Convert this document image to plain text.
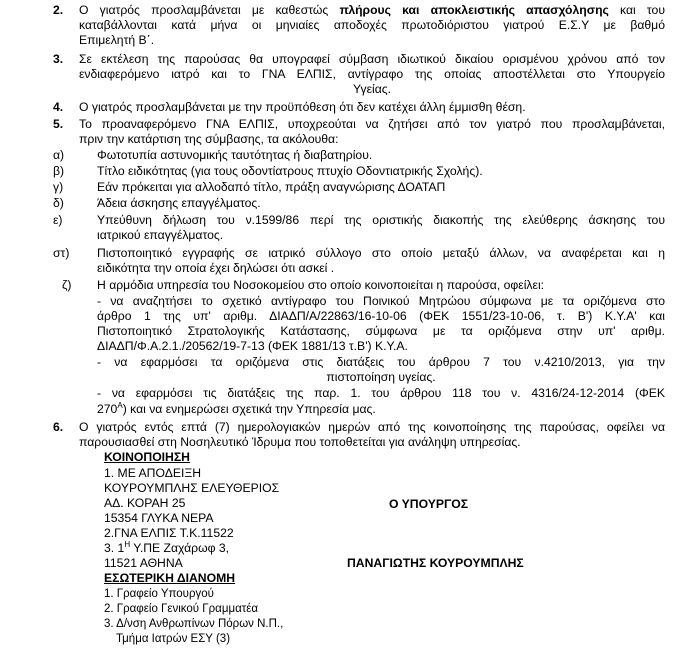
2. Ο γιατρός προσλαμβάνεται με καθεστώς πλήρους και αποκλειστικής απασχόλησης και του
καταβάλλονται κατά μήνα οι μηνιαίες αποδοχές πρωτοδιόριστου γιατρού Ε.Σ.Υ με βαθμό
Επιμελητή Β΄.
3. Σε εκτέλεση της παρούσας θα υπογραφεί σύμβαση ιδιωτικού δικαίου ορισμένου χρόνου από τον
ενδιαφερόμενο ιατρό και το ΓΝΑ ΕΛΠΙΣ, αντίγραφο της οποίας αποστέλλεται στο Υπουργείο
Υγείας.
4. Ο γιατρός προσλαμβάνεται με την προϋπόθεση ότι δεν κατέχει άλλη έμμισθη θέση.
5. Το προαναφερόμενο ΓΝΑ ΕΛΠΙΣ, υποχρεούται να ζητήσει από τον γιατρό που προσλαμβάνεται,
πριν την κατάρτιση της σύμβασης, τα ακόλουθα:
α)	Φωτοτυπία αστυνομικής ταυτότητας ή διαβατηρίου.
β)	Τίτλο ειδικότητας (για τους οδοντίατρους πτυχίο Οδοντιατρικής Σχολής).
γ)	Εάν πρόκειται για αλλοδαπό τίτλο, πράξη αναγνώρισης ΔΟΑΤΑΠ
δ)	Άδεια άσκησης επαγγέλματος.
ε)	Υπεύθυνη δήλωση του ν.1599/86 περί της οριστικής διακοπής της ελεύθερης άσκησης του
ιατρικού επαγγέλματος.
στ) Πιστοποιητικό εγγραφής σε ιατρικό σύλλογο στο οποίο μεταξύ άλλων, να αναφέρεται και η
ειδικότητα την οποία έχει δηλώσει ότι ασκεί .
ζ) Η αρμόδια υπηρεσία του Νοσοκομείου στο οποίο κοινοποιείται η παρούσα, οφείλει:
- να αναζητήσει το σχετικό αντίγραφο του Ποινικού Μητρώου σύμφωνα με τα οριζόμενα στο
άρθρο 1 της υπ' αριθμ. ΔΙΑΔΠ/Α/22863/16-10-06 (ΦΕΚ 1551/23-10-06, τ. Β') Κ.Υ.Α' και
Πιστοποιητικό Στρατολογικής Κατάστασης, σύμφωνα με τα οριζόμενα στην υπ' αριθμ.
ΔΙΑΔΠ/Φ.Α.2.1./20562/19-7-13 (ΦΕΚ 1881/13 τ.Β') Κ.Υ.Α.
- να εφαρμόσει τα οριζόμενα στις διατάξεις του άρθρου 7 του ν.4210/2013, για την
πιστοποίηση υγείας.
- να εφαρμόσει τις διατάξεις της παρ. 1. του άρθρου 118 του ν. 4316/24-12-2014 (ΦΕΚ
$270^A$) και να ενημερώσει σχετικά την Υπηρεσία μας.
6. Ο γιατρός εντός επτά (7) ημερολογιακών ημερών από της κοινοποίησης της παρούσας, οφείλει να
παρουσιασθεί στη Νοσηλευτικό Ίδρυμα που τοποθετείται για ανάληψη υπηρεσίας.
ΚΟΙΝΟΠΟΙΗΣΗ
1. ΜΕ ΑΠΟΔΕΙΞΗ
ΚΟΥΡΟΥΜΠΛΗΣ ΕΛΕΥΘΕΡΙΟΣ
ΑΔ. ΚΟΡΑΗ 25
15354 ΓΛΥΚΑ ΝΕΡΑ
2.ΓΝΑ ΕΛΠΙΣ Τ.Κ.11522
3. $1^H$ Υ.ΠΕ Ζαχάρωφ 3,
11521 ΑΘΗΝΑ
Ο ΥΠΟΥΡΓΟΣ
ΠΑΝΑΓΙΩΤΗΣ ΚΟΥΡΟΥΜΠΛΗΣ
ΕΣΩΤΕΡΙΚΗ ΔΙΑΝΟΜΗ
1. Γραφείο Υπουργού
2. Γραφείο Γενικού Γραμματέα
3. Δ/νση Ανθρωπίνων Πόρων Ν.Π.,
Τμήμα Ιατρών ΕΣΥ (3)
